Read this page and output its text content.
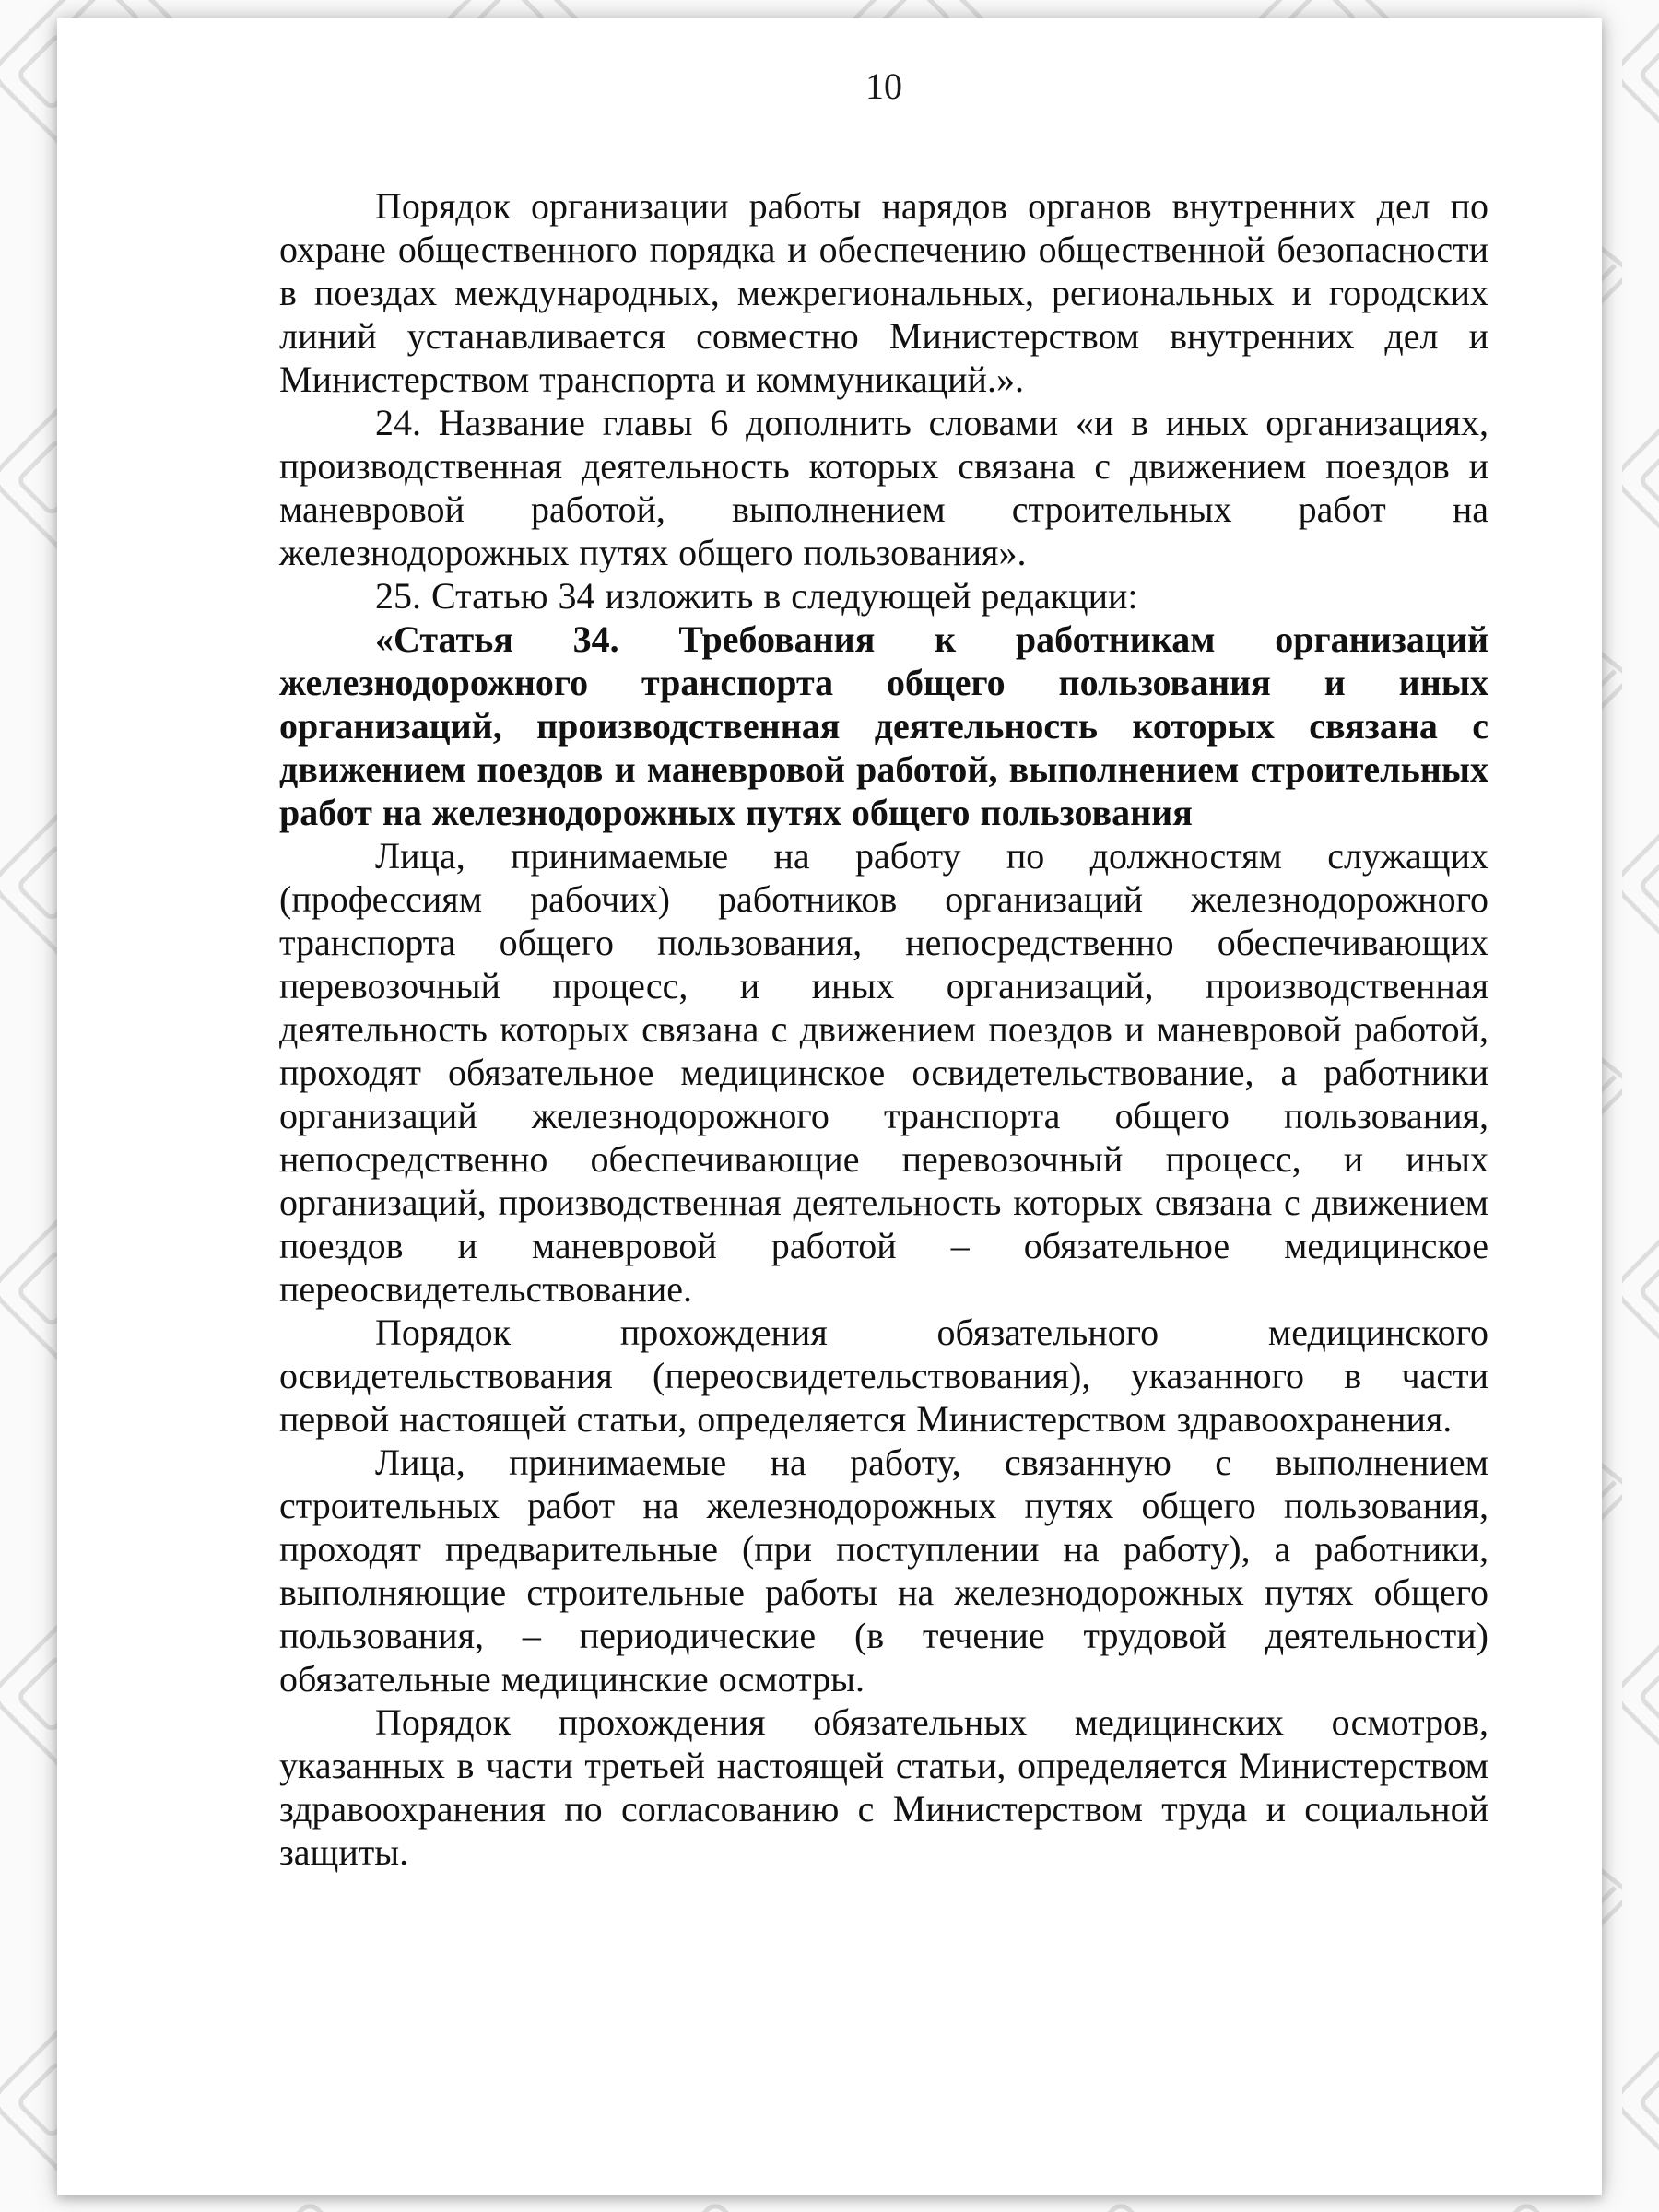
10

Порядок организации работы нарядов органов внутренних дел по охране общественного порядка и обеспечению общественной безопасности в поездах международных, межрегиональных, региональных и городских линий устанавливается совместно Министерством внутренних дел и Министерством транспорта и коммуникаций.».

24. Название главы 6 дополнить словами «и в иных организациях, производственная деятельность которых связана с движением поездов и маневровой работой, выполнением строительных работ на железнодорожных путях общего пользования».

25. Статью 34 изложить в следующей редакции:

«Статья 34. Требования к работникам организаций железнодорожного транспорта общего пользования и иных организаций, производственная деятельность которых связана с движением поездов и маневровой работой, выполнением строительных работ на железнодорожных путях общего пользования

Лица, принимаемые на работу по должностям служащих (профессиям рабочих) работников организаций железнодорожного транспорта общего пользования, непосредственно обеспечивающих перевозочный процесс, и иных организаций, производственная деятельность которых связана с движением поездов и маневровой работой, проходят обязательное медицинское освидетельствование, а работники организаций железнодорожного транспорта общего пользования, непосредственно обеспечивающие перевозочный процесс, и иных организаций, производственная деятельность которых связана с движением поездов и маневровой работой – обязательное медицинское переосвидетельствование.

Порядок прохождения обязательного медицинского освидетельствования (переосвидетельствования), указанного в части первой настоящей статьи, определяется Министерством здравоохранения.

Лица, принимаемые на работу, связанную с выполнением строительных работ на железнодорожных путях общего пользования, проходят предварительные (при поступлении на работу), а работники, выполняющие строительные работы на железнодорожных путях общего пользования, – периодические (в течение трудовой деятельности) обязательные медицинские осмотры.

Порядок прохождения обязательных медицинских осмотров, указанных в части третьей настоящей статьи, определяется Министерством здравоохранения по согласованию с Министерством труда и социальной защиты.
